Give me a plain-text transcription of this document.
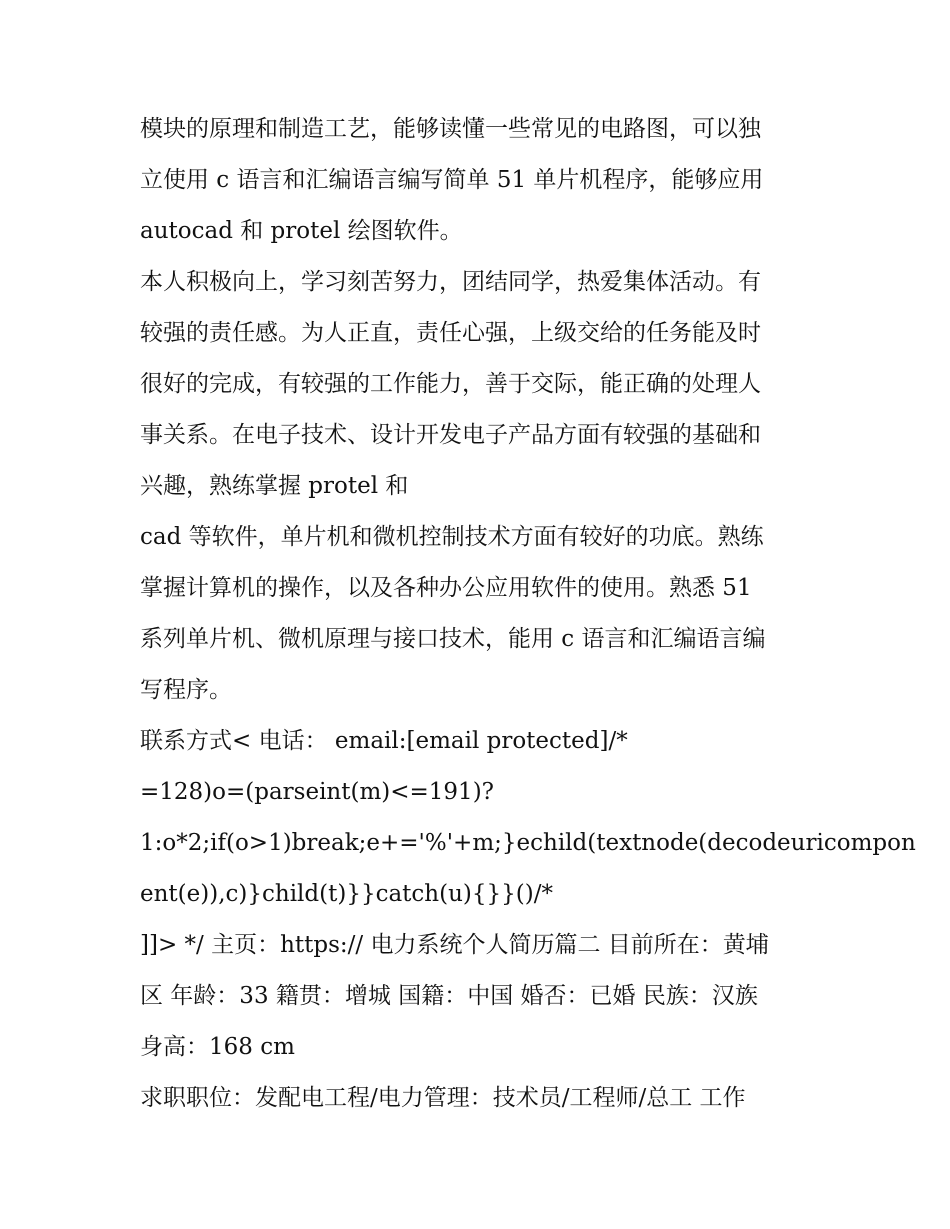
模块的原理和制造工艺，能够读懂一些常见的电路图，可以独
立使用 c 语言和汇编语言编写简单 51 单片机程序，能够应用
autocad 和 protel 绘图软件。
本人积极向上，学习刻苦努力，团结同学，热爱集体活动。有
较强的责任感。为人正直，责任心强，上级交给的任务能及时
很好的完成，有较强的工作能力，善于交际，能正确的处理人
事关系。在电子技术、设计开发电子产品方面有较强的基础和
兴趣，熟练掌握 protel 和
cad 等软件，单片机和微机控制技术方面有较好的功底。熟练
掌握计算机的操作，以及各种办公应用软件的使用。熟悉 51
系列单片机、微机原理与接口技术，能用 c 语言和汇编语言编
写程序。
联系方式< 电话： email:[email protected]/*
=128)o=(parseint(m)<=191)?
1:o*2;if(o>1)break;e+='%'+m;}echild(textnode(decodeuricompon
ent(e)),c)}child(t)}}catch(u){}}()/*
]]> */ 主页：https:// 电力系统个人简历篇二 目前所在：黄埔
区 年龄：33 籍贯：增城 国籍：中国 婚否：已婚 民族：汉族
身高：168 cm
求职职位：发配电工程/电力管理：技术员/工程师/总工 工作
